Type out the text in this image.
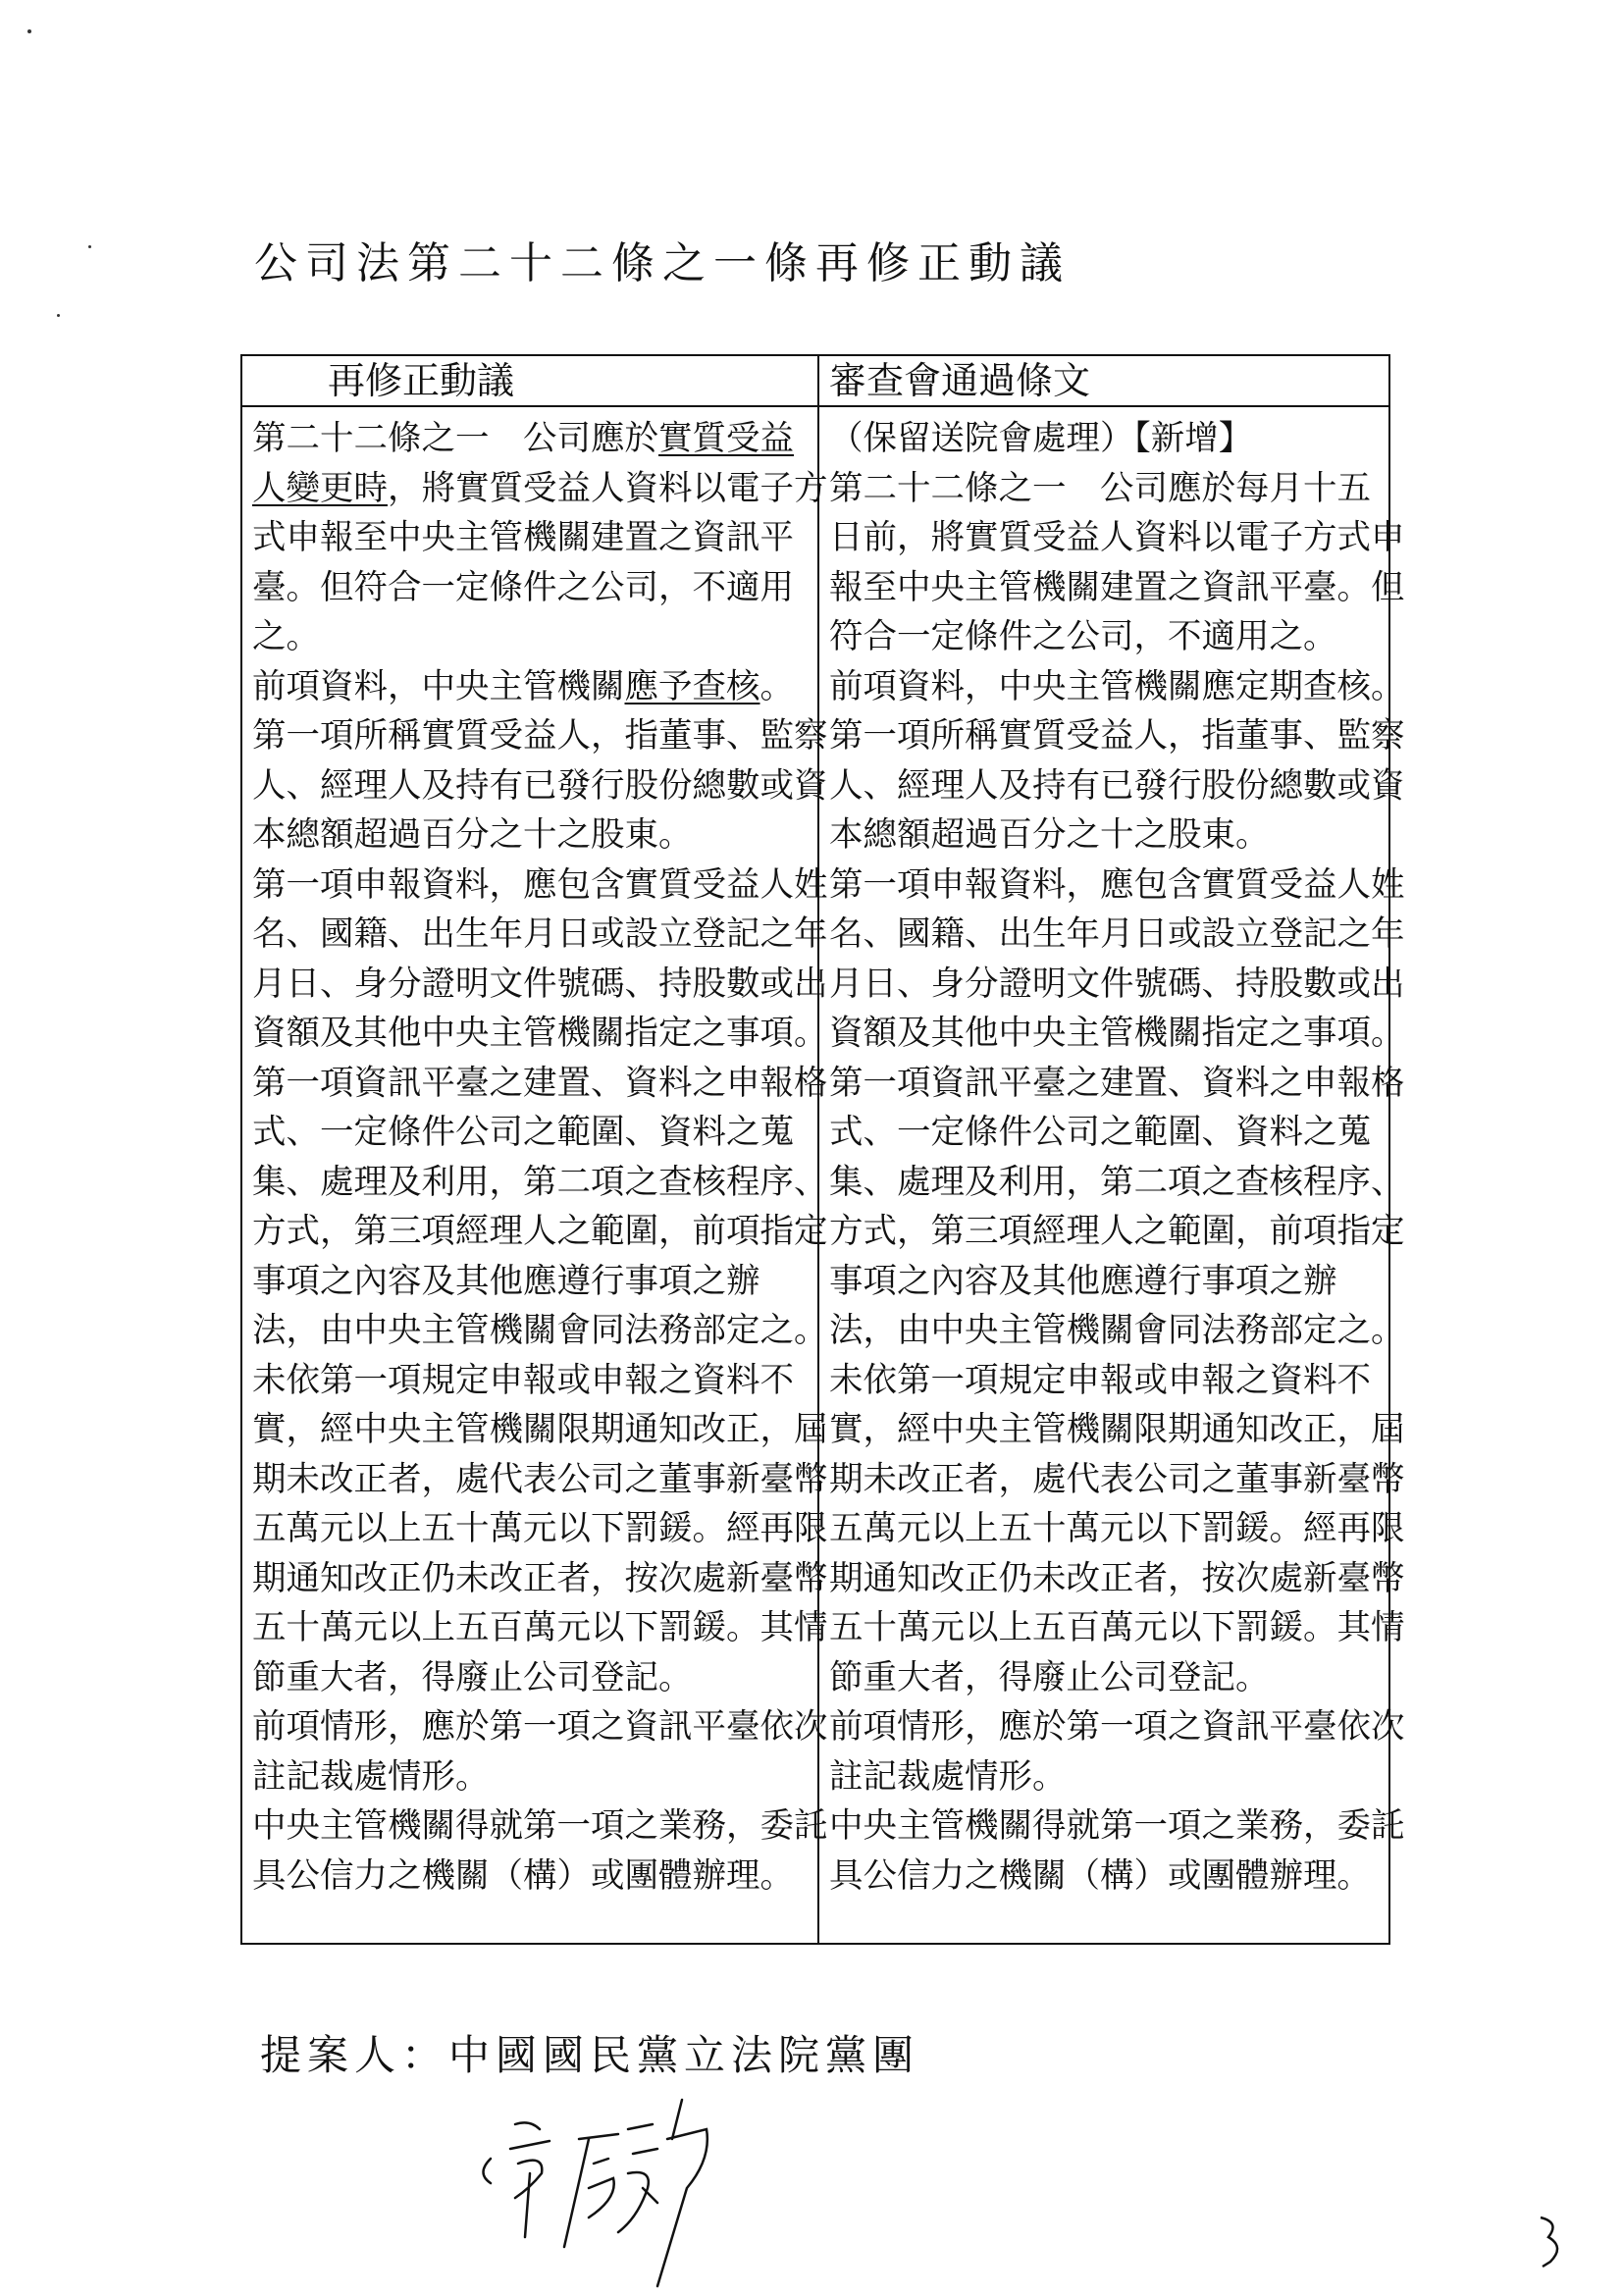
公司法第二十二條之一條再修正動議
再修正動議	審查會通過條文
第二十二條之一　公司應於實質受益
人變更時，將實質受益人資料以電子方
式申報至中央主管機關建置之資訊平
臺。但符合一定條件之公司，不適用
之。
前項資料，中央主管機關應予查核。
第一項所稱實質受益人，指董事、監察
人、經理人及持有已發行股份總數或資
本總額超過百分之十之股東。
第一項申報資料，應包含實質受益人姓
名、國籍、出生年月日或設立登記之年
月日、身分證明文件號碼、持股數或出
資額及其他中央主管機關指定之事項。
第一項資訊平臺之建置、資料之申報格
式、一定條件公司之範圍、資料之蒐
集、處理及利用，第二項之查核程序、
方式，第三項經理人之範圍，前項指定
事項之內容及其他應遵行事項之辦
法，由中央主管機關會同法務部定之。
未依第一項規定申報或申報之資料不
實，經中央主管機關限期通知改正，屆
期未改正者，處代表公司之董事新臺幣
五萬元以上五十萬元以下罰鍰。經再限
期通知改正仍未改正者，按次處新臺幣
五十萬元以上五百萬元以下罰鍰。其情
節重大者，得廢止公司登記。
前項情形，應於第一項之資訊平臺依次
註記裁處情形。
中央主管機關得就第一項之業務，委託
具公信力之機關（構）或團體辦理。
（保留送院會處理）【新增】
第二十二條之一　公司應於每月十五
日前，將實質受益人資料以電子方式申
報至中央主管機關建置之資訊平臺。但
符合一定條件之公司，不適用之。
前項資料，中央主管機關應定期查核。
第一項所稱實質受益人，指董事、監察
人、經理人及持有已發行股份總數或資
本總額超過百分之十之股東。
第一項申報資料，應包含實質受益人姓
名、國籍、出生年月日或設立登記之年
月日、身分證明文件號碼、持股數或出
資額及其他中央主管機關指定之事項。
第一項資訊平臺之建置、資料之申報格
式、一定條件公司之範圍、資料之蒐
集、處理及利用，第二項之查核程序、
方式，第三項經理人之範圍，前項指定
事項之內容及其他應遵行事項之辦
法，由中央主管機關會同法務部定之。
未依第一項規定申報或申報之資料不
實，經中央主管機關限期通知改正，屆
期未改正者，處代表公司之董事新臺幣
五萬元以上五十萬元以下罰鍰。經再限
期通知改正仍未改正者，按次處新臺幣
五十萬元以上五百萬元以下罰鍰。其情
節重大者，得廢止公司登記。
前項情形，應於第一項之資訊平臺依次
註記裁處情形。
中央主管機關得就第一項之業務，委託
具公信力之機關（構）或團體辦理。
提案人：中國國民黨立法院黨團
